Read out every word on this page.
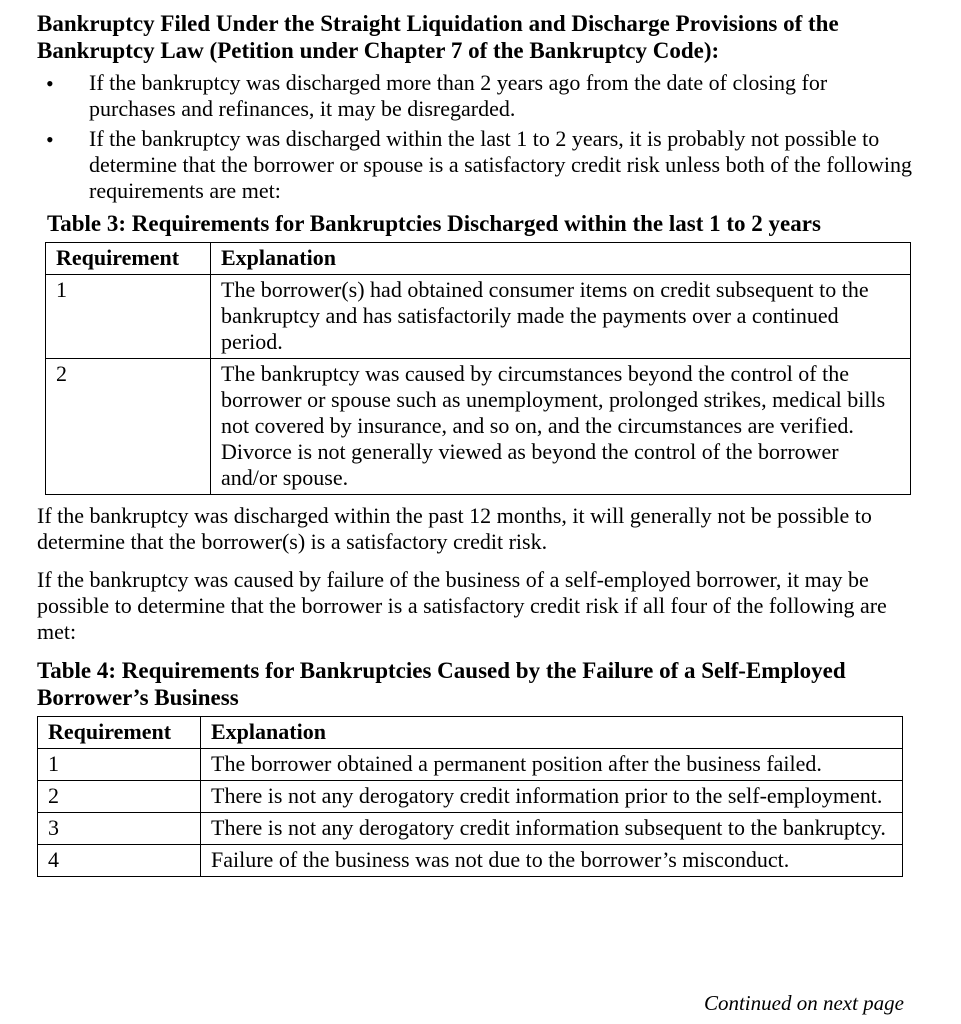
Bankruptcy Filed Under the Straight Liquidation and Discharge Provisions of the Bankruptcy Law (Petition under Chapter 7 of the Bankruptcy Code):
• If the bankruptcy was discharged more than 2 years ago from the date of closing for purchases and refinances, it may be disregarded.
• If the bankruptcy was discharged within the last 1 to 2 years, it is probably not possible to determine that the borrower or spouse is a satisfactory credit risk unless both of the following requirements are met:

Table 3: Requirements for Bankruptcies Discharged within the last 1 to 2 years

Requirement	Explanation
1	The borrower(s) had obtained consumer items on credit subsequent to the bankruptcy and has satisfactorily made the payments over a continued period.
2	The bankruptcy was caused by circumstances beyond the control of the borrower or spouse such as unemployment, prolonged strikes, medical bills not covered by insurance, and so on, and the circumstances are verified. Divorce is not generally viewed as beyond the control of the borrower and/or spouse.

If the bankruptcy was discharged within the past 12 months, it will generally not be possible to determine that the borrower(s) is a satisfactory credit risk.

If the bankruptcy was caused by failure of the business of a self-employed borrower, it may be possible to determine that the borrower is a satisfactory credit risk if all four of the following are met:

Table 4: Requirements for Bankruptcies Caused by the Failure of a Self-Employed Borrower’s Business

Requirement	Explanation
1	The borrower obtained a permanent position after the business failed.
2	There is not any derogatory credit information prior to the self-employment.
3	There is not any derogatory credit information subsequent to the bankruptcy.
4	Failure of the business was not due to the borrower’s misconduct.
Continued on next page
